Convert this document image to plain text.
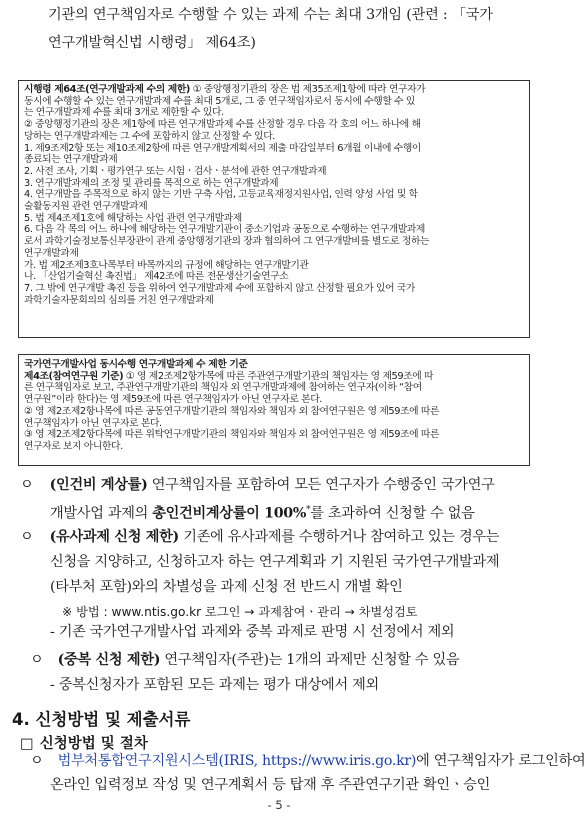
기관의 연구책임자로 수행할 수 있는 과제 수는 최대 3개임 (관련 : 「국가
연구개발혁신법 시행령」 제64조)

시행령 제64조(연구개발과제 수의 제한) ① 중앙행정기관의 장은 법 제35조제1항에 따라 연구자가

동시에 수행할 수 있는 연구개발과제 수를 최대 5개로, 그 중 연구책임자로서 동시에 수행할 수 있

는 연구개발과제 수를 최대 3개로 제한할 수 있다.

② 중앙행정기관의 장은 제1항에 따른 연구개발과제 수를 산정할 경우 다음 각 호의 어느 하나에 해

당하는 연구개발과제는 그 수에 포함하지 않고 산정할 수 있다.

1. 제9조제2항 또는 제10조제2항에 따른 연구개발계획서의 제출 마감일부터 6개월 이내에 수행이

종료되는 연구개발과제

2. 사전 조사, 기획ㆍ평가연구 또는 시험ㆍ검사ㆍ분석에 관한 연구개발과제

3. 연구개발과제의 조정 및 관리를 목적으로 하는 연구개발과제

4. 연구개발을 주목적으로 하지 않는 기반 구축 사업, 고등교육재정지원사업, 인력 양성 사업 및 학

술활동지원 관련 연구개발과제

5. 법 제4조제1호에 해당하는 사업 관련 연구개발과제

6. 다음 각 목의 어느 하나에 해당하는 연구개발기관이 중소기업과 공동으로 수행하는 연구개발과제

로서 과학기술정보통신부장관이 관계 중앙행정기관의 장과 협의하여 그 연구개발비를 별도로 정하는

연구개발과제

가. 법 제2조제3호나목부터 바목까지의 규정에 해당하는 연구개발기관

나. 「산업기술혁신 촉진법」 제42조에 따른 전문생산기술연구소

7. 그 밖에 연구개발 촉진 등을 위하여 연구개발과제 수에 포함하지 않고 산정할 필요가 있어 국가

과학기술자문회의의 심의를 거친 연구개발과제

국가연구개발사업 동시수행 연구개발과제 수 제한 기준

제4조(참여연구원 기준) ① 영 제2조제2항가목에 따른 주관연구개발기관의 책임자는 영 제59조에 따

른 연구책임자로 보고, 주관연구개발기관의 책임자 외 연구개발과제에 참여하는 연구자(이하 “참여

연구원”이라 한다)는 영 제59조에 따른 연구책임자가 아닌 연구자로 본다.

② 영 제2조제2항나목에 따른 공동연구개발기관의 책임자와 책임자 외 참여연구원은 영 제59조에 따른

연구책임자가 아닌 연구자로 본다.

③ 영 제2조제2항다목에 따른 위탁연구개발기관의 책임자와 책임자 외 참여연구원은 영 제59조에 따른

연구자로 보지 아니한다.

ㅇ (인건비 계상률) 연구책임자를 포함하여 모든 연구자가 수행중인 국가연구
개발사업 과제의 총인건비계상률이 100%*를 초과하여 신청할 수 없음
ㅇ (유사과제 신청 제한) 기존에 유사과제를 수행하거나 참여하고 있는 경우는
신청을 지양하고, 신청하고자 하는 연구계획과 기 지원된 국가연구개발과제
(타부처 포함)와의 차별성을 과제 신청 전 반드시 개별 확인
※ 방법 : www.ntis.go.kr 로그인 → 과제참여ㆍ관리 → 차별성검토
- 기존 국가연구개발사업 과제와 중복 과제로 판명 시 선정에서 제외
ㅇ (중복 신청 제한) 연구책임자(주관)는 1개의 과제만 신청할 수 있음
- 중복신청자가 포함된 모든 과제는 평가 대상에서 제외
4. 신청방법 및 제출서류
□ 신청방법 및 절차
ㅇ 범부처통합연구지원시스템(IRIS, https://www.iris.go.kr)에 연구책임자가 로그인하여
온라인 입력정보 작성 및 연구계획서 등 탑재 후 주관연구기관 확인ㆍ승인
- 5 -
